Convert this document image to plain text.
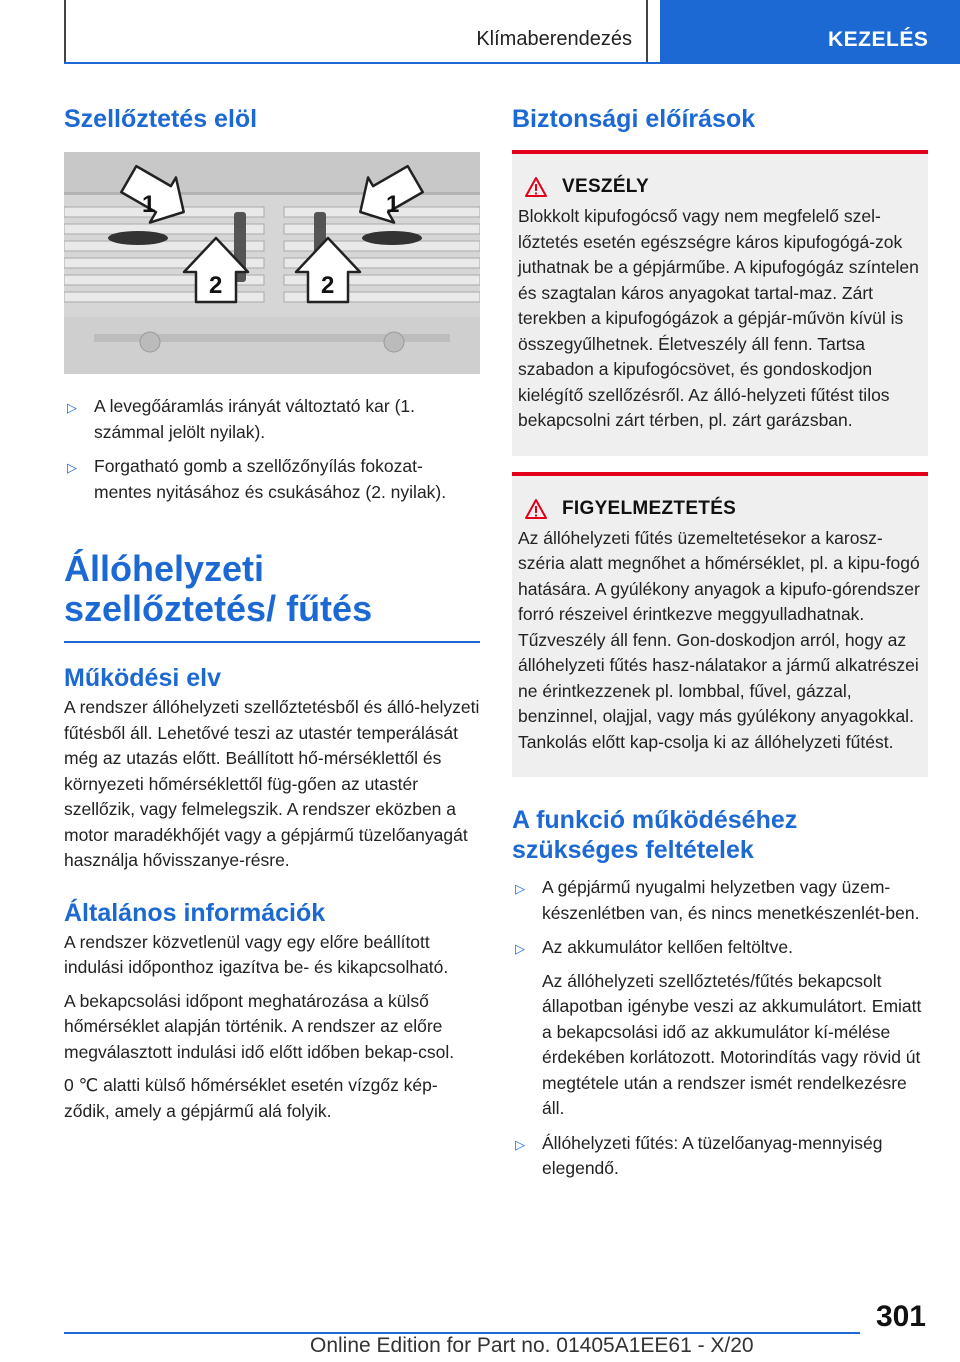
Klímaberendezés	KEZELÉS
Szellőztetés elöl
1	1
2	2
▷ A levegőáramlás irányát változtató kar (1. számmal jelölt nyilak).
▷ Forgatható gomb a szellőzőnyílás fokozat-mentes nyitásához és csukásához (2. nyilak).
Állóhelyzeti szellőztetés/ fűtés
Működési elv

A rendszer állóhelyzeti szellőztetésből és álló-helyzeti fűtésből áll. Lehetővé teszi az utastér temperálását még az utazás előtt. Beállított hő-mérséklettől és környezeti hőmérséklettől füg-gően az utastér szellőzik, vagy felmelegszik. A rendszer eközben a motor maradékhőjét vagy a gépjármű tüzelőanyagát használja hővisszanye-résre.

Általános információk

A rendszer közvetlenül vagy egy előre beállított indulási időponthoz igazítva be- és kikapcsolható.

A bekapcsolási időpont meghatározása a külső hőmérséklet alapján történik. A rendszer az előre megválasztott indulási idő előtt időben bekap-csol.

0 ℃ alatti külső hőmérséklet esetén vízgőz kép-ződik, amely a gépjármű alá folyik.

Biztonsági előírások
VESZÉLY

Blokkolt kipufogócső vagy nem megfelelő szel-lőztetés esetén egészségre káros kipufogógá-zok juthatnak be a gépjárműbe. A kipufogógáz színtelen és szagtalan káros anyagokat tartal-maz. Zárt terekben a kipufogógázok a gépjár-művön kívül is összegyűlhetnek. Életveszély áll fenn. Tartsa szabadon a kipufogócsövet, és gondoskodjon kielégítő szellőzésről. Az álló-helyzeti fűtést tilos bekapcsolni zárt térben, pl. zárt garázsban.

FIGYELMEZTETÉS

Az állóhelyzeti fűtés üzemeltetésekor a karosz-széria alatt megnőhet a hőmérséklet, pl. a kipu-fogó hatására. A gyúlékony anyagok a kipufo-górendszer forró részeivel érintkezve meggyulladhatnak. Tűzveszély áll fenn. Gon-doskodjon arról, hogy az állóhelyzeti fűtés hasz-nálatakor a jármű alkatrészei ne érintkezzenek pl. lombbal, fűvel, gázzal, benzinnel, olajjal, vagy más gyúlékony anyagokkal. Tankolás előtt kap-csolja ki az állóhelyzeti fűtést.

A funkció működéséhez szükséges feltételek
▷ A gépjármű nyugalmi helyzetben vagy üzem-készenlétben van, és nincs menetkészenlét-ben.
▷ Az akkumulátor kellően feltöltve.
Az állóhelyzeti szellőztetés/fűtés bekapcsolt állapotban igénybe veszi az akkumulátort. Emiatt a bekapcsolási idő az akkumulátor kí-mélése érdekében korlátozott. Motorindítás vagy rövid út megtétele után a rendszer ismét rendelkezésre áll.
▷ Állóhelyzeti fűtés: A tüzelőanyag-mennyiség elegendő.
301
Online Edition for Part no. 01405A1EE61 - X/20
